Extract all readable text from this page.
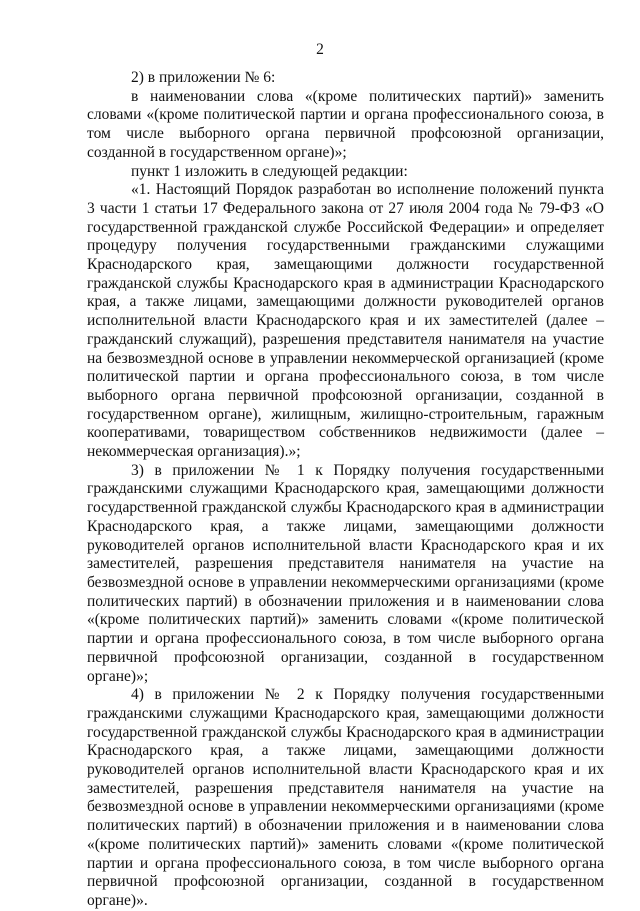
2

2) в приложении № 6:

в наименовании слова «(кроме политических партий)» заменить словами «(кроме политической партии и органа профессионального союза, в том числе выборного органа первичной профсоюзной организации, созданной в государственном органе)»;

пункт 1 изложить в следующей редакции:

«1. Настоящий Порядок разработан во исполнение положений пункта 3 части 1 статьи 17 Федерального закона от 27 июля 2004 года № 79-ФЗ «О государственной гражданской службе Российской Федерации» и определяет процедуру получения государственными гражданскими служащими Краснодарского края, замещающими должности государственной гражданской службы Краснодарского края в администрации Краснодарского края, а также лицами, замещающими должности руководителей органов исполнительной власти Краснодарского края и их заместителей (далее – гражданский служащий), разрешения представителя нанимателя на участие на безвозмездной основе в управлении некоммерческой организацией (кроме политической партии и органа профессионального союза, в том числе выборного органа первичной профсоюзной организации, созданной в государственном органе), жилищным, жилищно-строительным, гаражным кооперативами, товариществом собственников недвижимости (далее – некоммерческая организация).»;

3) в приложении № 1 к Порядку получения государственными гражданскими служащими Краснодарского края, замещающими должности государственной гражданской службы Краснодарского края в администрации Краснодарского края, а также лицами, замещающими должности руководителей органов исполнительной власти Краснодарского края и их заместителей, разрешения представителя нанимателя на участие на безвозмездной основе в управлении некоммерческими организациями (кроме политических партий) в обозначении приложения и в наименовании слова «(кроме политических партий)» заменить словами «(кроме политической партии и органа профессионального союза, в том числе выборного органа первичной профсоюзной организации, созданной в государственном органе)»;

4) в приложении № 2 к Порядку получения государственными гражданскими служащими Краснодарского края, замещающими должности государственной гражданской службы Краснодарского края в администрации Краснодарского края, а также лицами, замещающими должности руководителей органов исполнительной власти Краснодарского края и их заместителей, разрешения представителя нанимателя на участие на безвозмездной основе в управлении некоммерческими организациями (кроме политических партий) в обозначении приложения и в наименовании слова «(кроме политических партий)» заменить словами «(кроме политической партии и органа профессионального союза, в том числе выборного органа первичной профсоюзной организации, созданной в государственном органе)».
